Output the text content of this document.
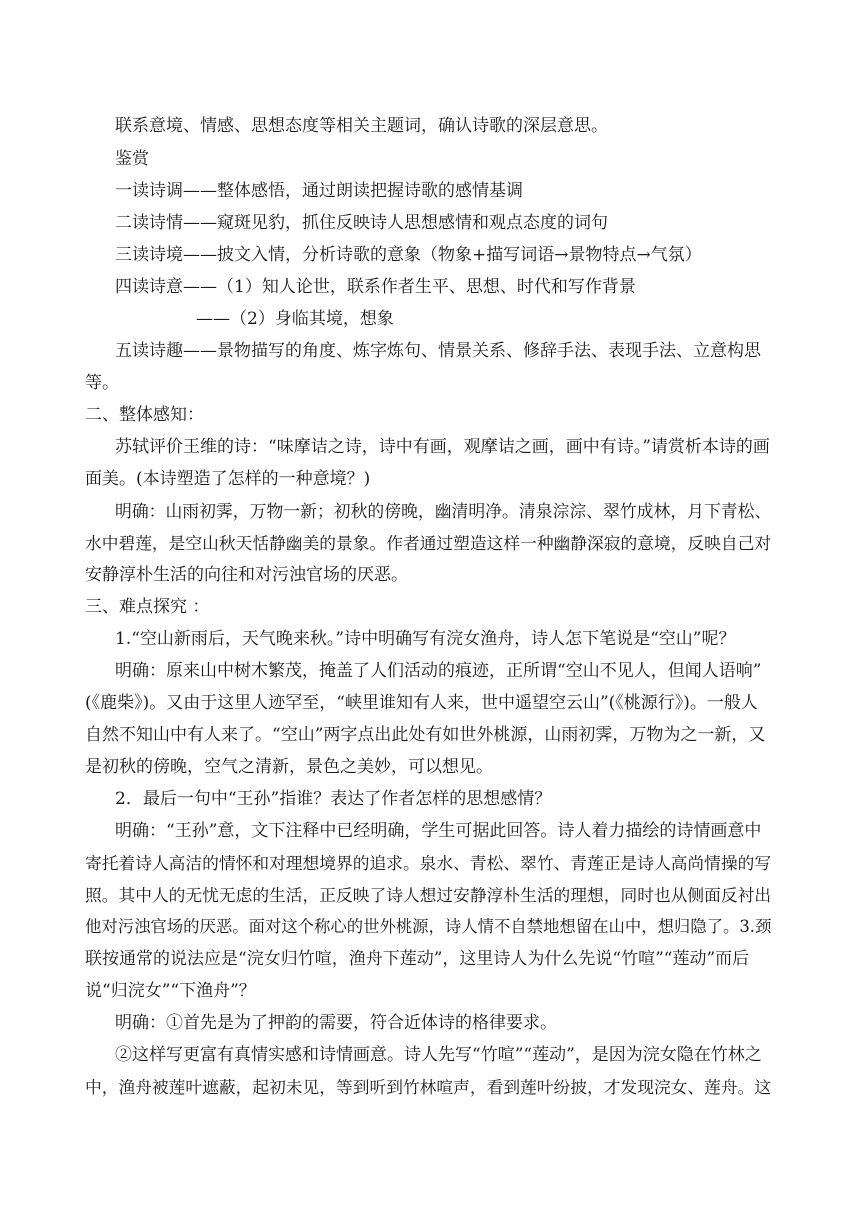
联系意境、情感、思想态度等相关主题词，确认诗歌的深层意思。
鉴赏
一读诗调——整体感悟，通过朗读把握诗歌的感情基调
二读诗情——窥斑见豹，抓住反映诗人思想感情和观点态度的词句
三读诗境——披文入情，分析诗歌的意象（物象+描写词语→景物特点→气氛）
四读诗意——（1）知人论世，联系作者生平、思想、时代和写作背景
——（2）身临其境，想象
五读诗趣——景物描写的角度、炼字炼句、情景关系、修辞手法、表现手法、立意构思
等。
二、整体感知：
苏轼评价王维的诗：“味摩诘之诗，诗中有画，观摩诘之画，画中有诗。”请赏析本诗的画
面美。(本诗塑造了怎样的一种意境？)
明确：山雨初霁，万物一新；初秋的傍晚，幽清明净。清泉淙淙、翠竹成林，月下青松、
水中碧莲，是空山秋天恬静幽美的景象。作者通过塑造这样一种幽静深寂的意境，反映自己对
安静淳朴生活的向往和对污浊官场的厌恶。
三、难点探究 ：
1.“空山新雨后，天气晚来秋。”诗中明确写有浣女渔舟，诗人怎下笔说是“空山”呢？
明确：原来山中树木繁茂，掩盖了人们活动的痕迹，正所谓“空山不见人，但闻人语响”
(《鹿柴》)。又由于这里人迹罕至，“峡里谁知有人来，世中遥望空云山”(《桃源行》)。一般人
自然不知山中有人来了。“空山”两字点出此处有如世外桃源，山雨初霁，万物为之一新，又
是初秋的傍晚，空气之清新，景色之美妙，可以想见。
2．最后一句中“王孙”指谁？表达了作者怎样的思想感情？
明确：“王孙”意，文下注释中已经明确，学生可据此回答。诗人着力描绘的诗情画意中
寄托着诗人高洁的情怀和对理想境界的追求。泉水、青松、翠竹、青莲正是诗人高尚情操的写
照。其中人的无忧无虑的生活，正反映了诗人想过安静淳朴生活的理想，同时也从侧面反衬出
他对污浊官场的厌恶。面对这个称心的世外桃源，诗人情不自禁地想留在山中，想归隐了。3.颈
联按通常的说法应是“浣女归竹喧，渔舟下莲动”，这里诗人为什么先说“竹喧”“莲动”而后
说“归浣女”“下渔舟”？
明确：①首先是为了押韵的需要，符合近体诗的格律要求。
②这样写更富有真情实感和诗情画意。诗人先写“竹喧”“莲动”，是因为浣女隐在竹林之
中，渔舟被莲叶遮蔽，起初未见，等到听到竹林喧声，看到莲叶纷披，才发现浣女、莲舟。这
